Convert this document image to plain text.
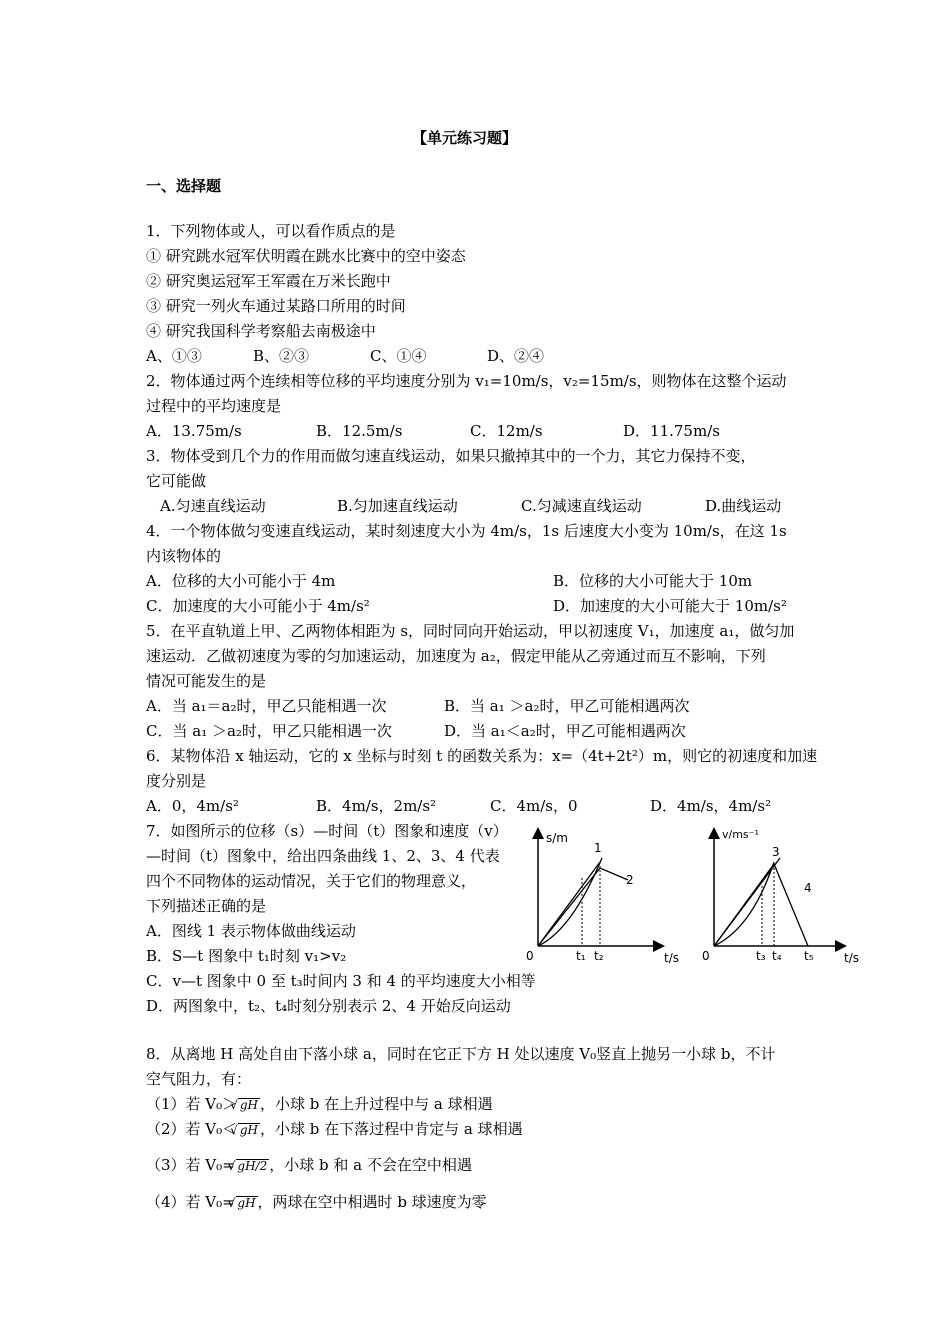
【单元练习题】
一、选择题
1．下列物体或人，可以看作质点的是
① 研究跳水冠军伏明霞在跳水比赛中的空中姿态
② 研究奥运冠军王军霞在万米长跑中
③ 研究一列火车通过某路口所用的时间
④ 研究我国科学考察船去南极途中
A、①③	B、②③	C、①④	D、②④
2．物体通过两个连续相等位移的平均速度分别为 v₁=10m/s，v₂=15m/s，则物体在这整个运动
过程中的平均速度是
A．13.75m/s	B．12.5m/s	C．12m/s	D．11.75m/s
3．物体受到几个力的作用而做匀速直线运动，如果只撤掉其中的一个力，其它力保持不变，
它可能做
A.匀速直线运动	B.匀加速直线运动	C.匀减速直线运动	D.曲线运动
4．一个物体做匀变速直线运动，某时刻速度大小为 4m/s，1s 后速度大小变为 10m/s，在这 1s
内该物体的
A．位移的大小可能小于 4m	B．位移的大小可能大于 10m
C．加速度的大小可能小于 4m/s²	D．加速度的大小可能大于 10m/s²
5．在平直轨道上甲、乙两物体相距为 s，同时同向开始运动，甲以初速度 V₁，加速度 a₁，做匀加
速运动．乙做初速度为零的匀加速运动，加速度为 a₂，假定甲能从乙旁通过而互不影响，下列
情况可能发生的是
A．当 a₁＝a₂时，甲乙只能相遇一次	B．当 a₁ ＞a₂时，甲乙可能相遇两次
C．当 a₁ ＞a₂时，甲乙只能相遇一次	D．当 a₁＜a₂时，甲乙可能相遇两次
6．某物体沿 x 轴运动，它的 x 坐标与时刻 t 的函数关系为：x=（4t+2t²）m，则它的初速度和加速
度分别是
A．0，4m/s²	B．4m/s，2m/s²	C．4m/s，0	D．4m/s，4m/s²
7．如图所示的位移（s）—时间（t）图象和速度（v）
—时间（t）图象中，给出四条曲线 1、2、3、4 代表
四个不同物体的运动情况，关于它们的物理意义，
下列描述正确的是
A．图线 1 表示物体做曲线运动
B．S—t 图象中 t₁时刻 v₁>v₂
C．v—t 图象中 0 至 t₃时间内 3 和 4 的平均速度大小相等
D．两图象中，t₂、t₄时刻分别表示 2、4 开始反向运动
s/m
t/s
0	t₁ t₂
1
2
v/ms⁻¹
t/s
0	t₃ t₄ t₅
3
4
8．从离地 H 高处自由下落小球 a，同时在它正下方 H 处以速度 V₀竖直上抛另一小球 b，不计
空气阻力，有：
（1）若 V₀＞ √ gH ，小球 b 在上升过程中与 a 球相遇
（2）若 V₀＜ √ gH ，小球 b 在下落过程中肯定与 a 球相遇
（3）若 V₀= √ gH/2 ，小球 b 和 a 不会在空中相遇
（4）若 V₀= √ gH ，两球在空中相遇时 b 球速度为零
